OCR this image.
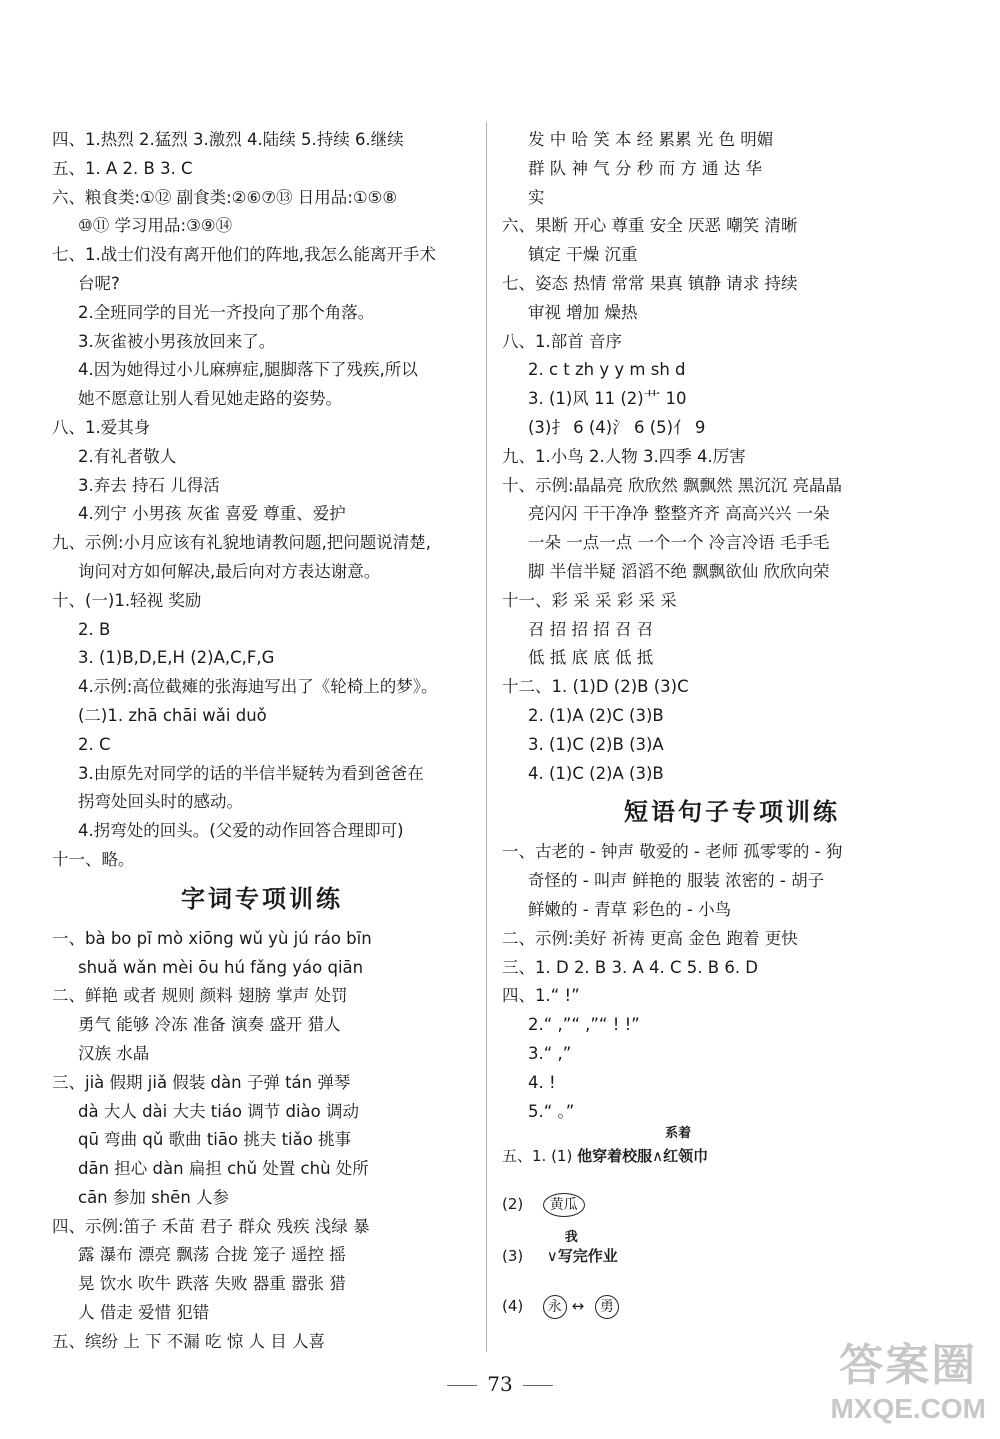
四、1.热烈 2.猛烈 3.激烈 4.陆续 5.持续 6.继续
五、1. A 2. B 3. C
六、粮食类:①⑫ 副食类:②⑥⑦⑬ 日用品:①⑤⑧
⑩⑪ 学习用品:③⑨⑭
七、1.战士们没有离开他们的阵地,我怎么能离开手术
台呢?
2.全班同学的目光一齐投向了那个角落。
3.灰雀被小男孩放回来了。
4.因为她得过小儿麻痹症,腿脚落下了残疾,所以
她不愿意让别人看见她走路的姿势。
八、1.爱其身
2.有礼者敬人
3.弃去 持石 儿得活
4.列宁 小男孩 灰雀 喜爱 尊重、爱护
九、示例:小月应该有礼貌地请教问题,把问题说清楚,
询问对方如何解决,最后向对方表达谢意。
十、(一)1.轻视 奖励
2. B
3. (1)B,D,E,H (2)A,C,F,G
4.示例:高位截瘫的张海迪写出了《轮椅上的梦》。
(二)1. zhā chāi wǎi duǒ
2. C
3.由原先对同学的话的半信半疑转为看到爸爸在
拐弯处回头时的感动。
4.拐弯处的回头。(父爱的动作回答合理即可)
十一、略。
字词专项训练
一、bà bo pī mò xiōng wǔ yù jú ráo bīn
shuǎ wǎn mèi ōu hú fǎng yáo qiān
二、鲜艳 或者 规则 颜料 翅膀 掌声 处罚
勇气 能够 冷冻 准备 演奏 盛开 猎人
汉族 水晶
三、jià 假期 jiǎ 假装 dàn 子弹 tán 弹琴
dà 大人 dài 大夫 tiáo 调节 diào 调动
qū 弯曲 qǔ 歌曲 tiāo 挑夫 tiǎo 挑事
dān 担心 dàn 扁担 chǔ 处置 chù 处所
cān 参加 shēn 人参
四、示例:笛子 禾苗 君子 群众 残疾 浅绿 暴
露 瀑布 漂亮 飘荡 合拢 笼子 遥控 摇
晃 饮水 吹牛 跌落 失败 器重 嚣张 猎
人 借走 爱惜 犯错
五、缤纷 上 下 不漏 吃 惊 人 目 人喜
发 中 哈 笑 本 经 累累 光 色 明媚
群 队 神 气 分 秒 而 方 通 达 华
实
六、果断 开心 尊重 安全 厌恶 嘲笑 清晰
镇定 干燥 沉重
七、姿态 热情 常常 果真 镇静 请求 持续
审视 增加 燥热
八、1.部首 音序
2. c t zh y y m sh d
3. (1)风 11 (2)艹 10
(3)扌 6 (4)氵 6 (5)亻 9
九、1.小鸟 2.人物 3.四季 4.厉害
十、示例:晶晶亮 欣欣然 飘飘然 黑沉沉 亮晶晶
亮闪闪 干干净净 整整齐齐 高高兴兴 一朵
一朵 一点一点 一个一个 冷言冷语 毛手毛
脚 半信半疑 滔滔不绝 飘飘欲仙 欣欣向荣
十一、彩 采 采 彩 采 采
召 招 招 招 召 召
低 抵 底 底 低 抵
十二、1. (1)D (2)B (3)C
2. (1)A (2)C (3)B
3. (1)C (2)B (3)A
4. (1)C (2)A (3)B
短语句子专项训练
一、古老的 - 钟声 敬爱的 - 老师 孤零零的 - 狗
奇怪的 - 叫声 鲜艳的 服装 浓密的 - 胡子
鲜嫩的 - 青草 彩色的 - 小鸟
二、示例:美好 祈祷 更高 金色 跑着 更快
三、1. D 2. B 3. A 4. C 5. B 6. D
四、1.“ !”
2.“ ,”“ ,”“ ! !”
3.“ ,”
4. !
5.“ 。”
五、1. (1)
系着
他穿着校服∧红领巾
(2) 黄瓜
(3)
我
∨写完作业
(4) 永 ↔ 勇
73	答案圈
MXQE.COM
